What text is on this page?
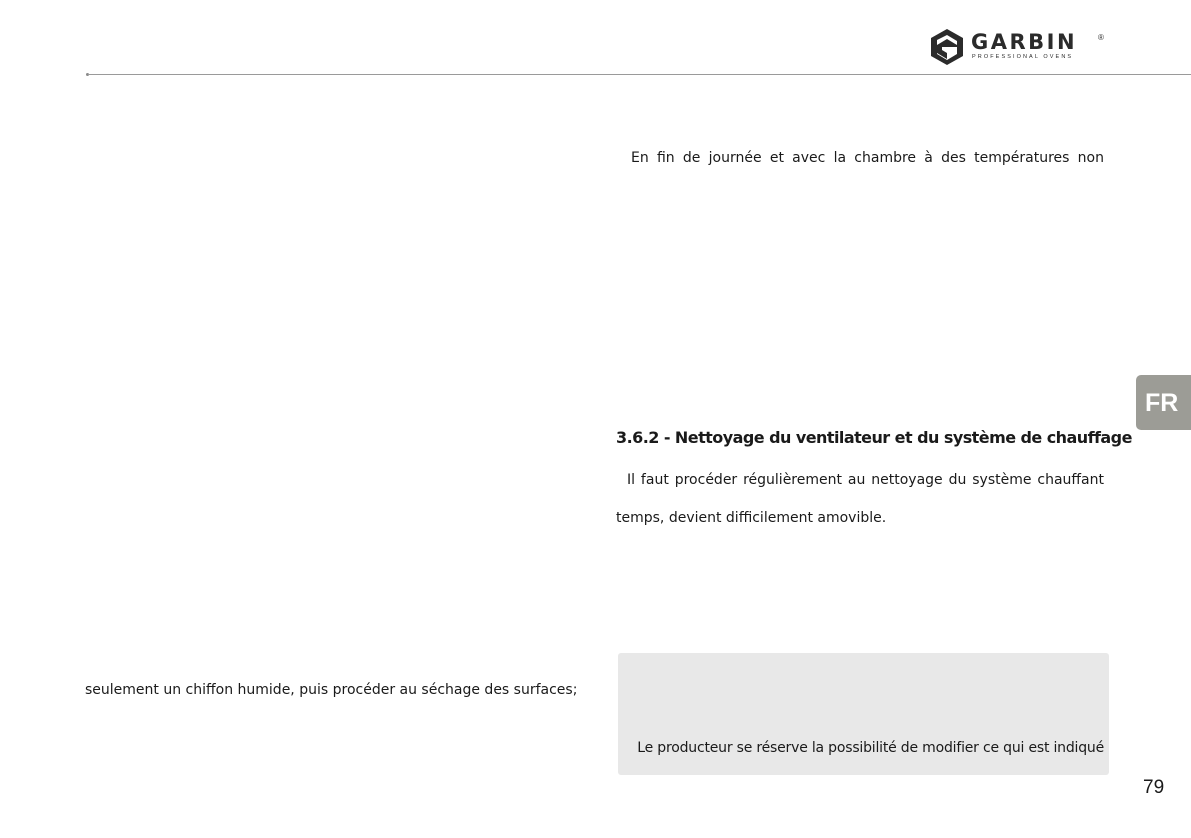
GARBIN	®
PROFESSIONAL OVENS

En fin de journée et avec la chambre à des températures non

3.6.2 - Nettoyage du ventilateur et du système de chauffage

Il faut procéder régulièrement au nettoyage du système chauffant

temps, devient difficilement amovible.

seulement un chiffon humide, puis procéder au séchage des surfaces;

Le producteur se réserve la possibilité de modifier ce qui est indiqué

FR
79
